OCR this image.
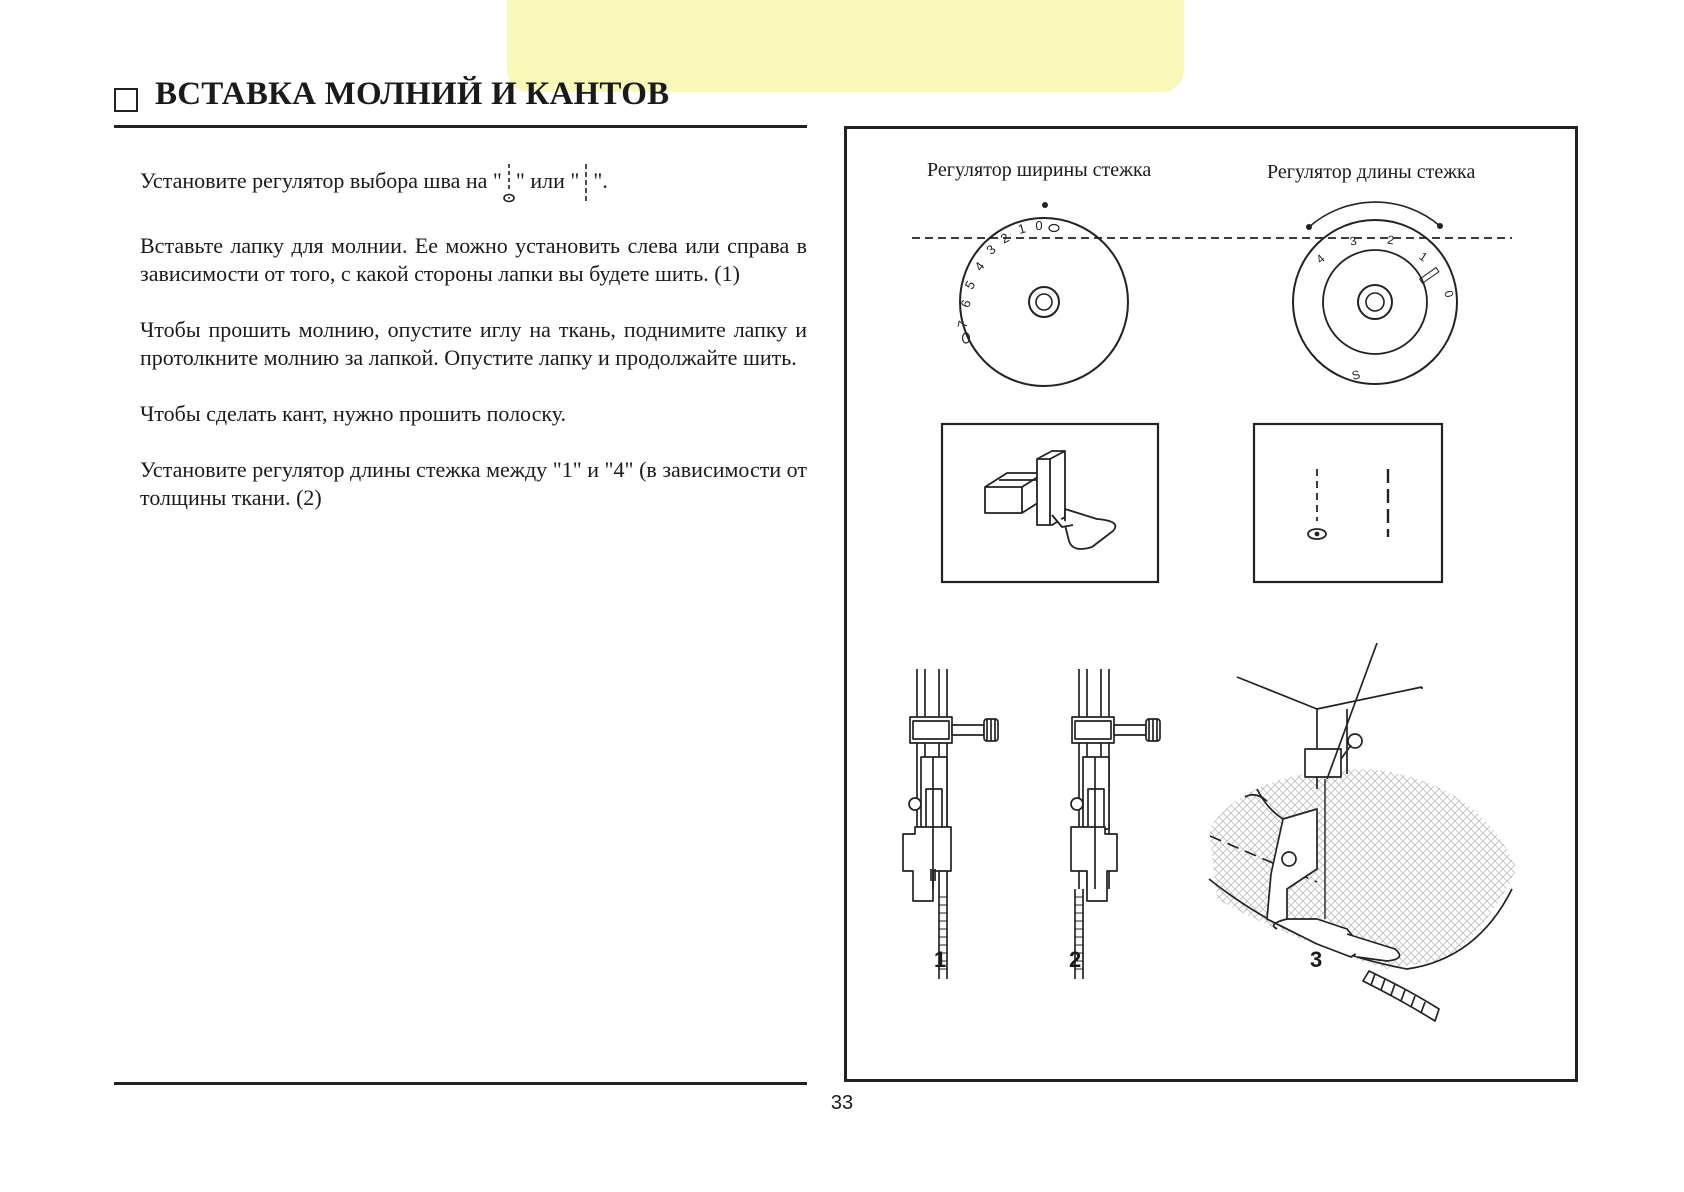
ВСТАВКА МОЛНИЙ И КАНТОВ

Установите регулятор выбора шва на " " или " ".

Вставьте лапку для молнии. Ее можно установить слева или справа в зависимости от того, с какой стороны лапки вы будете шить. (1)

Чтобы прошить молнию, опустите иглу на ткань, поднимите лапку и протолкните молнию за лапкой. Опустите лапку и продолжайте шить.

Чтобы сделать кант, нужно прошить полоску.

Установите регулятор длины стежка между "1" и "4" (в зависимости от толщины ткани. (2)

Регулятор ширины стежка	Регулятор длины стежка
7
6
5
4
3
2
1 0
4
3 2
1
0
S
1	2	3
33
